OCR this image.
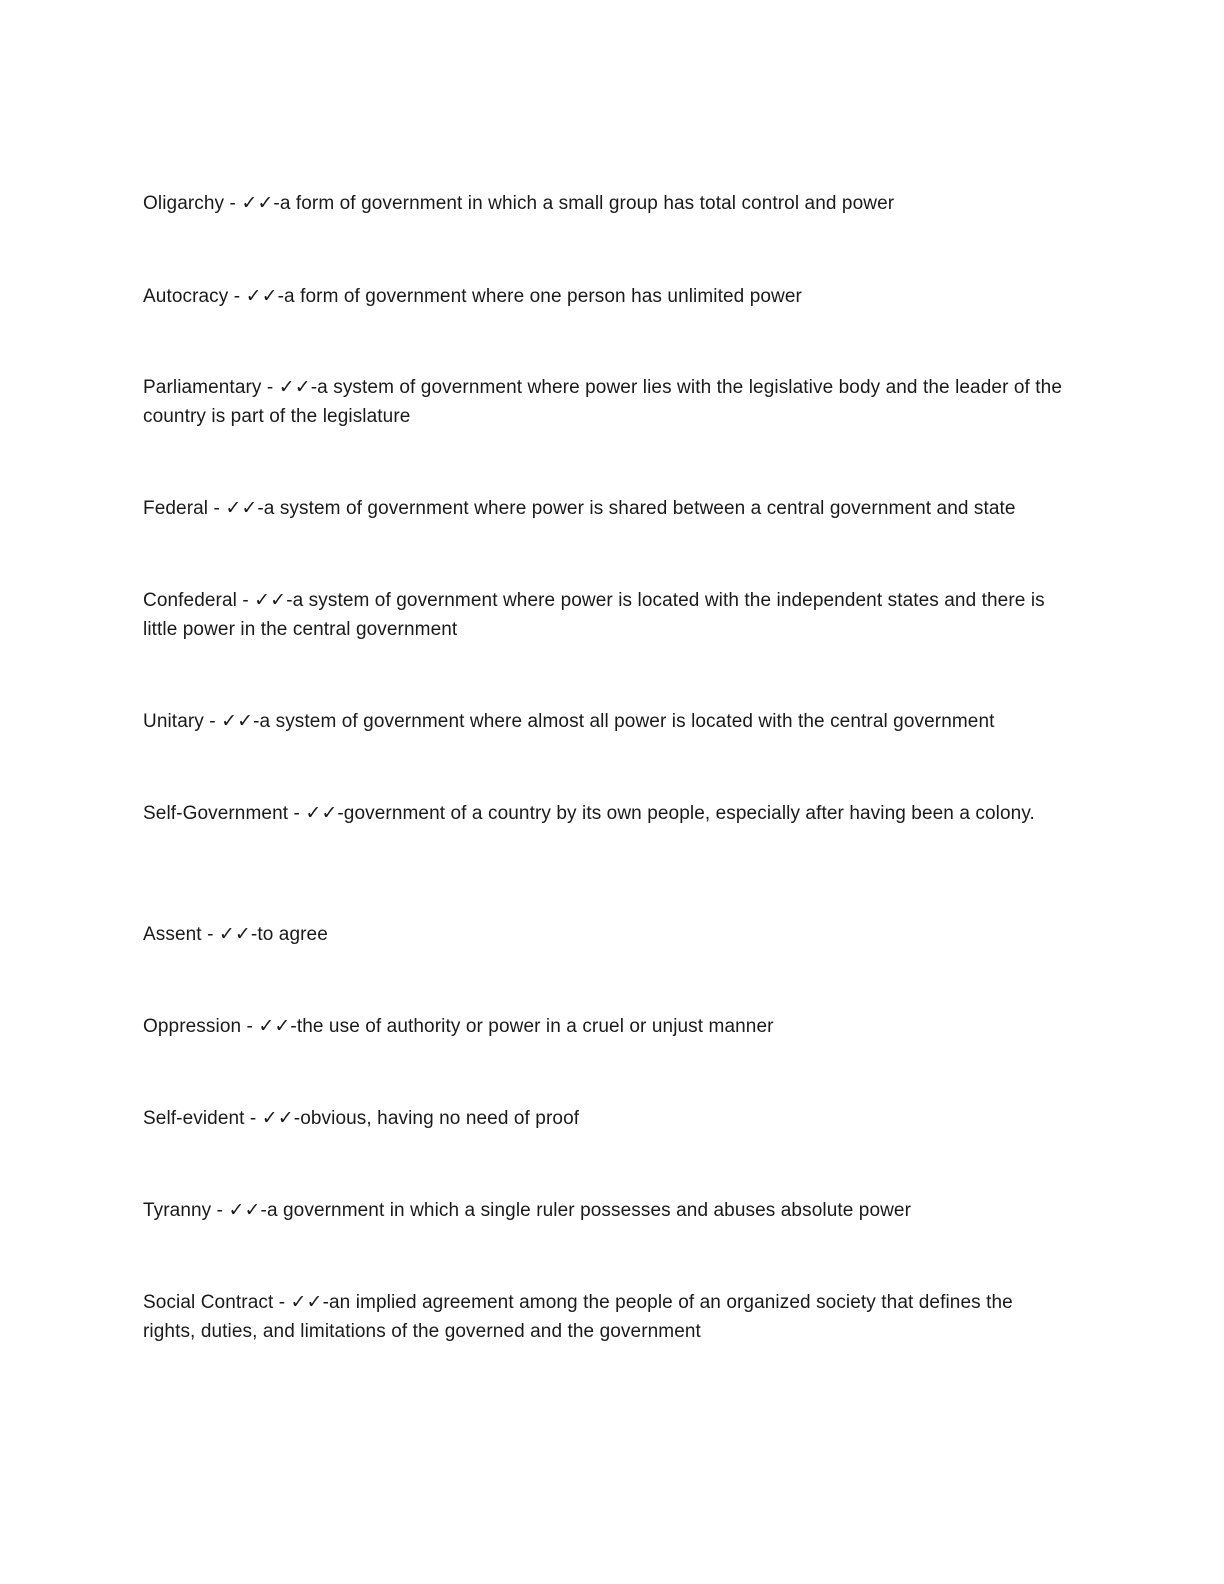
Oligarchy - ✓✓-a form of government in which a small group has total control and power

Autocracy - ✓✓-a form of government where one person has unlimited power

Parliamentary - ✓✓-a system of government where power lies with the legislative body and the leader of the country is part of the legislature

Federal - ✓✓-a system of government where power is shared between a central government and state

Confederal - ✓✓-a system of government where power is located with the independent states and there is little power in the central government

Unitary - ✓✓-a system of government where almost all power is located with the central government

Self-Government - ✓✓-government of a country by its own people, especially after having been a colony.

Assent - ✓✓-to agree

Oppression - ✓✓-the use of authority or power in a cruel or unjust manner

Self-evident - ✓✓-obvious, having no need of proof

Tyranny - ✓✓-a government in which a single ruler possesses and abuses absolute power

Social Contract - ✓✓-an implied agreement among the people of an organized society that defines the rights, duties, and limitations of the governed and the government
